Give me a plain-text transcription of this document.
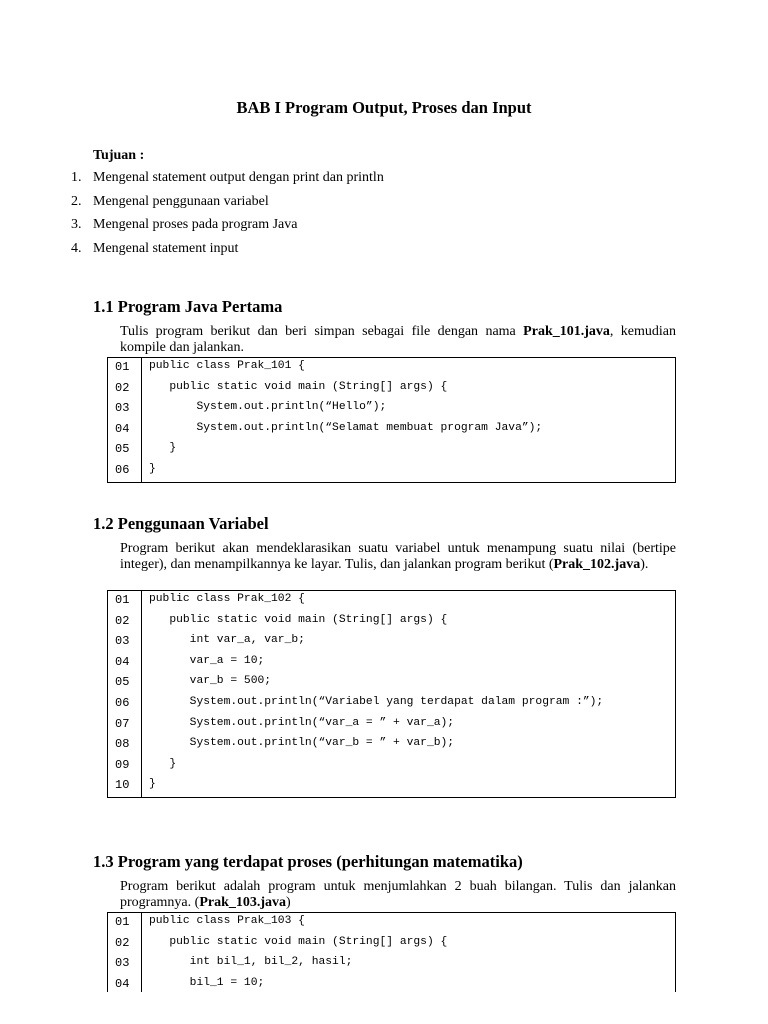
BAB I Program Output, Proses dan Input
Tujuan :
1. Mengenal statement output dengan print dan println
2. Mengenal penggunaan variabel
3. Mengenal proses pada program Java
4. Mengenal statement input
1.1 Program Java Pertama
Tulis program berikut dan beri simpan sebagai file dengan nama Prak_101.java, kemudian kompile dan jalankan.
01	public class Prak_101 {
02	public static void main (String[] args) {
03	System.out.println(“Hello”);
04	System.out.println(“Selamat membuat program Java”);
05	}
06	}
1.2 Penggunaan Variabel
Program berikut akan mendeklarasikan suatu variabel untuk menampung suatu nilai (bertipe integer), dan menampilkannya ke layar. Tulis, dan jalankan program berikut (Prak_102.java).
01	public class Prak_102 {
02	public static void main (String[] args) {
03	int var_a, var_b;
04	var_a = 10;
05	var_b = 500;
06	System.out.println(“Variabel yang terdapat dalam program :”);
07	System.out.println(“var_a = ” + var_a);
08	System.out.println(“var_b = ” + var_b);
09	}
10	}
1.3 Program yang terdapat proses (perhitungan matematika)
Program berikut adalah program untuk menjumlahkan 2 buah bilangan. Tulis dan jalankan programnya. (Prak_103.java)
01	public class Prak_103 {
02	public static void main (String[] args) {
03	int bil_1, bil_2, hasil;
04	bil_1 = 10;
